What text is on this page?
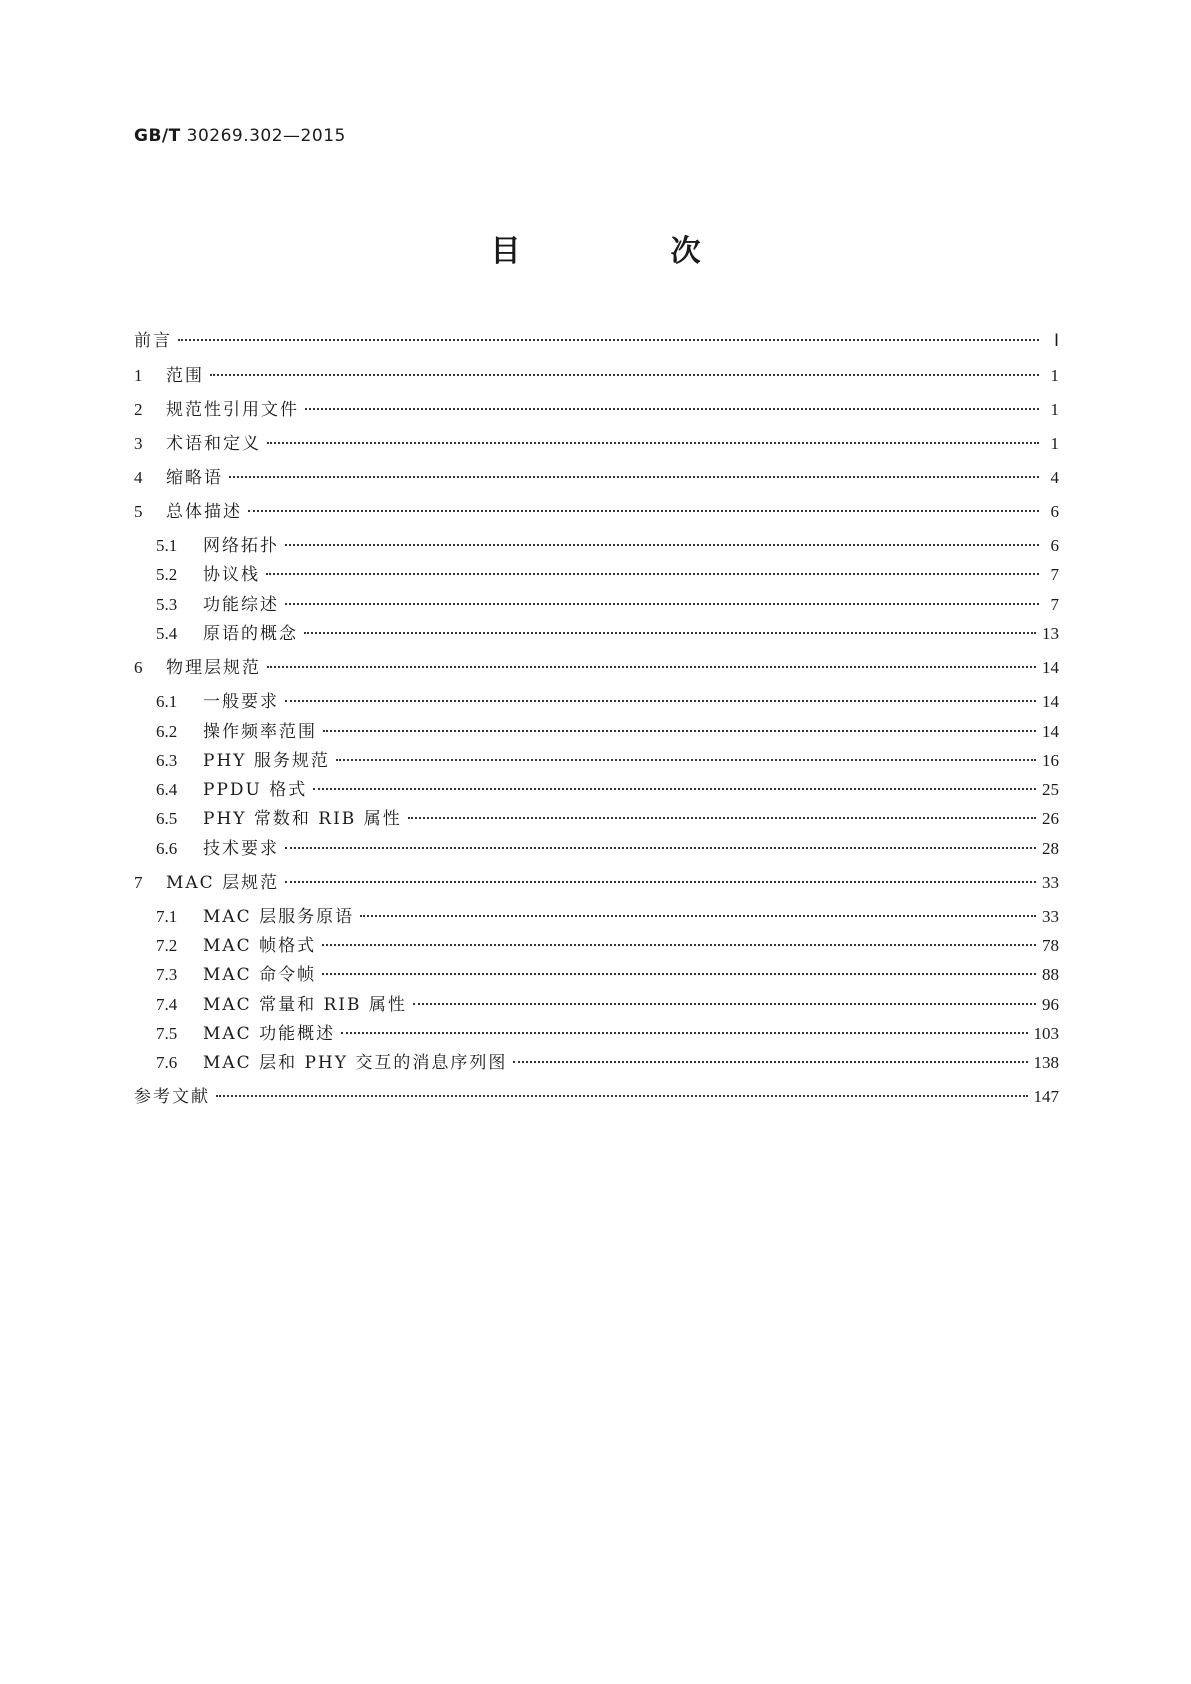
GB/T 30269.302—2015
目　次
前言	Ⅰ
1	范围	1
2	规范性引用文件	1
3	术语和定义	1
4	缩略语	4
5	总体描述	6
5.1	网络拓扑	6
5.2	协议栈	7
5.3	功能综述	7
5.4	原语的概念	13
6	物理层规范	14
6.1	一般要求	14
6.2	操作频率范围	14
6.3	PHY 服务规范	16
6.4	PPDU 格式	25
6.5	PHY 常数和 RIB 属性	26
6.6	技术要求	28
7	MAC 层规范	33
7.1	MAC 层服务原语	33
7.2	MAC 帧格式	78
7.3	MAC 命令帧	88
7.4	MAC 常量和 RIB 属性	96
7.5	MAC 功能概述	103
7.6	MAC 层和 PHY 交互的消息序列图	138
参考文献	147
